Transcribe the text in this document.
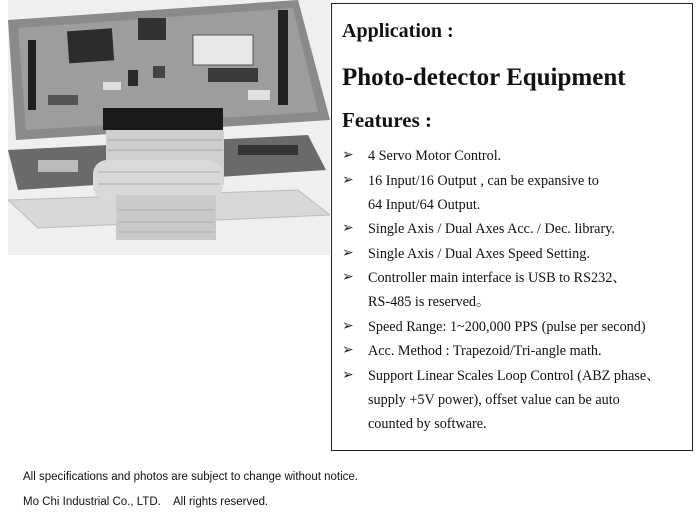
Application :
Photo-detector Equipment
Features :
➢	4 Servo Motor Control.
➢	16 Input/16 Output , can be expansive to
64 Input/64 Output.
➢	Single Axis / Dual Axes Acc. / Dec. library.
➢	Single Axis / Dual Axes Speed Setting.
➢	Controller main interface is USB to RS232、
RS-485 is reserved。
➢	Speed Range: 1~200,000 PPS (pulse per second)
➢	Acc. Method : Trapezoid/Tri-angle math.
➢	Support Linear Scales Loop Control (ABZ phase、
supply +5V power), offset value can be auto
counted by software.

All specifications and photos are subject to change without notice.

Mo Chi Industrial Co., LTD.    All rights reserved.
